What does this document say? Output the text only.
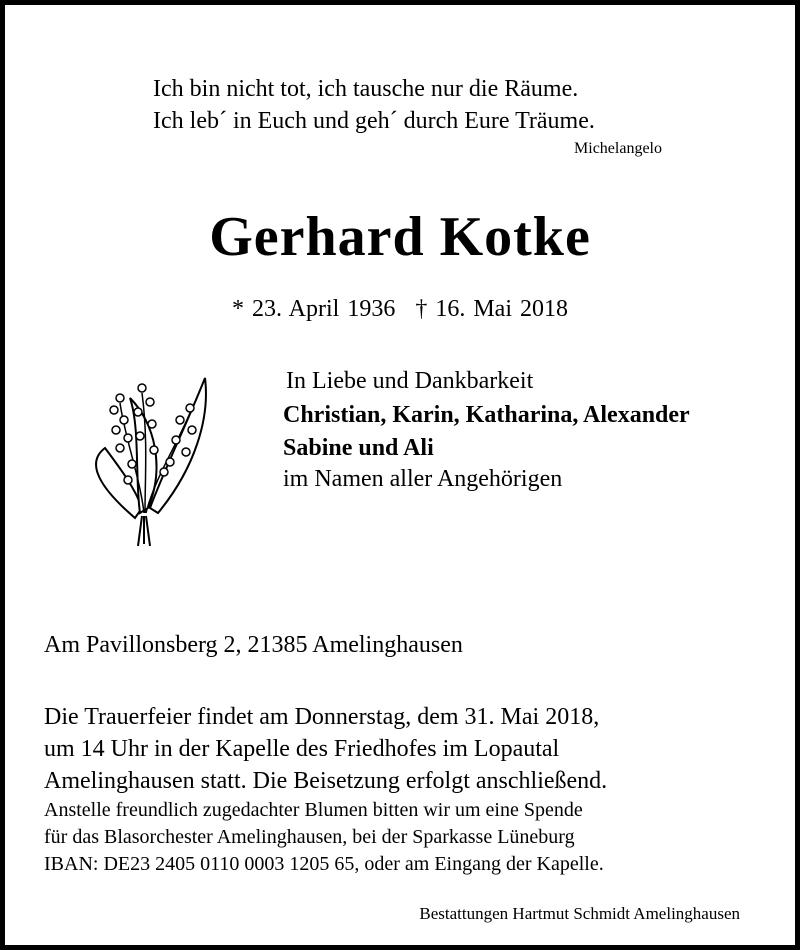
Ich bin nicht tot, ich tausche nur die Räume.
Ich leb´ in Euch und geh´ durch Eure Träume.
Michelangelo
Gerhard Kotke
* 23. April 1936 † 16. Mai 2018
In Liebe und Dankbarkeit
Christian, Karin, Katharina, Alexander
Sabine und Ali
im Namen aller Angehörigen
Am Pavillonsberg 2, 21385 Amelinghausen
Die Trauerfeier findet am Donnerstag, dem 31. Mai 2018,
um 14 Uhr in der Kapelle des Friedhofes im Lopautal
Amelinghausen statt. Die Beisetzung erfolgt anschließend.
Anstelle freundlich zugedachter Blumen bitten wir um eine Spende
für das Blasorchester Amelinghausen, bei der Sparkasse Lüneburg
IBAN: DE23 2405 0110 0003 1205 65, oder am Eingang der Kapelle.
Bestattungen Hartmut Schmidt Amelinghausen
